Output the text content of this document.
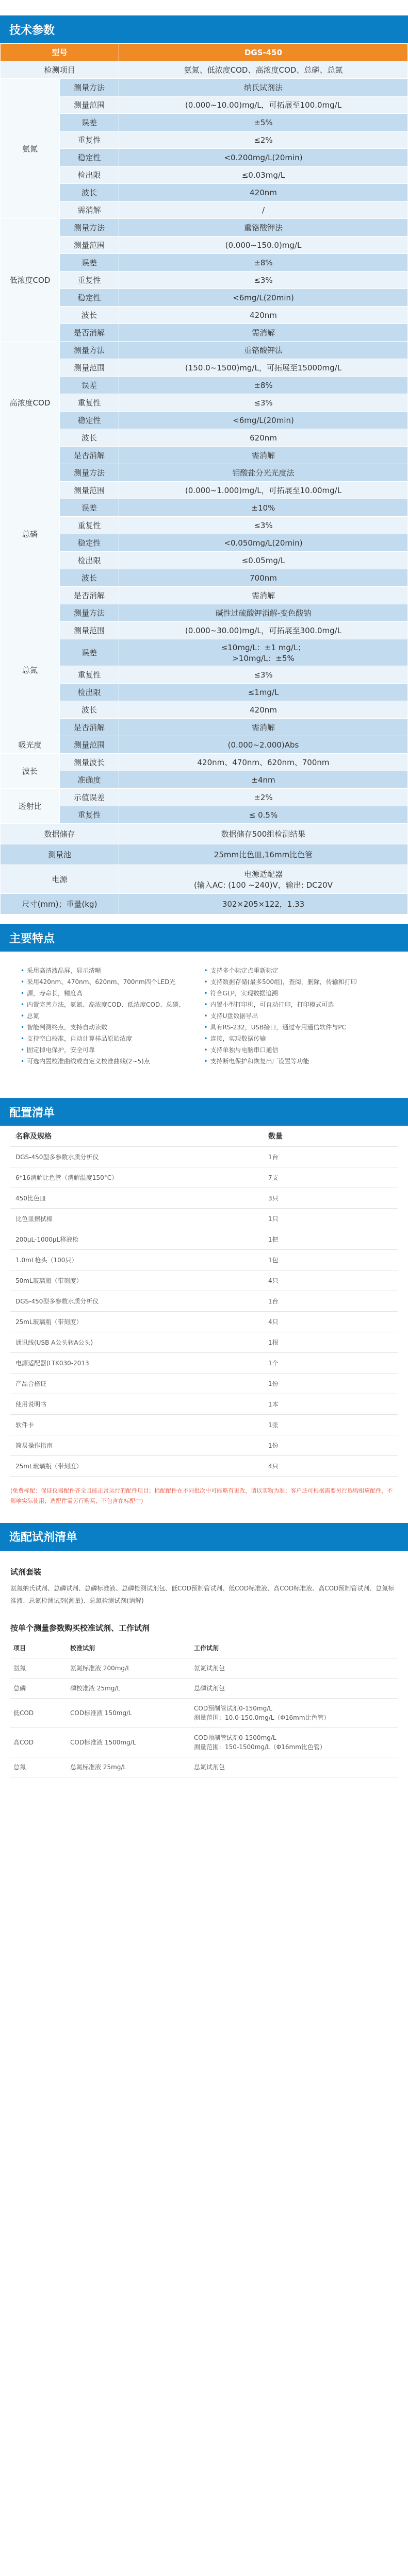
技术参数
型号		DGS-450
检测项目		氨氮、低浓度COD、高浓度COD、总磷、总氮
氨氮	测量方法	纳氏试剂法
	测量范围	(0.000~10.00)mg/L，可拓展至100.0mg/L
	误差	±5%
	重复性	≤2%
	稳定性	<0.200mg/L(20min)
	检出限	≤0.03mg/L
	波长	420nm
	需消解	/
低浓度COD	测量方法	重铬酸钾法
	测量范围	(0.000~150.0)mg/L
	误差	±8%
	重复性	≤3%
	稳定性	<6mg/L(20min)
	波长	420nm
	是否消解	需消解
高浓度COD	测量方法	重铬酸钾法
	测量范围	(150.0~1500)mg/L，可拓展至15000mg/L
	误差	±8%
	重复性	≤3%
	稳定性	<6mg/L(20min)
	波长	620nm
	是否消解	需消解
总磷	测量方法	钼酸盐分光光度法
	测量范围	(0.000~1.000)mg/L，可拓展至10.00mg/L
	误差	±10%
	重复性	≤3%
	稳定性	<0.050mg/L(20min)
	检出限	≤0.05mg/L
	波长	700nm
	是否消解	需消解
总氮	测量方法	碱性过硫酸钾消解-变色酸钠
	测量范围	(0.000~30.00)mg/L，可拓展至300.0mg/L
	误差	≤10mg/L：±1 mg/L；
>10mg/L：±5%
	重复性	≤3%
	检出限	≤1mg/L
	波长	420nm
	是否消解	需消解
吸光度	测量范围	(0.000~2.000)Abs
波长	测量波长	420nm、470nm、620nm、700nm
	准确度	±4nm
透射比	示值误差	±2%
	重复性	≤ 0.5%
数据储存		数据储存500组检测结果
测量池		25mm比色皿,16mm比色管
电源		电源适配器
(输入AC: (100 ~240)V，输出: DC20V
尺寸(mm)；重量(kg)		302×205×122，1.33
主要特点
• 采用高清液晶屏，显示清晰
• 采用420nm、470nm、620nm、700nm四个LED光
• 源，寿命长，精度高
• 内置完善方法，氨氮、高浓度COD、低浓度COD、总磷、
• 总氮
• 智能判测终点，支持自动读数
• 支持空白校准，自动计算样品原始浓度
• 固定掉电保护，安全可靠
• 可选内置校准曲线或自定义校准曲线(2~5)点
• 支持多个标定点重新标定
• 支持数据存储(最多500组)，查阅，删除，传输和打印
• 符合GLP，实现数据追溯
• 内置小型打印机，可自动打印，打印模式可选
• 支持U盘数据导出
• 具有RS-232，USB接口，通过专用通信软件与PC
• 连接，实现数据传输
• 支持单独与电脑串口通信
• 支持断电保护和恢复出厂设置等功能
配置清单
名称及规格	数量
DGS-450型多参数水质分析仪	1台
6*16消解比色管（消解温度150°C）	7支
450比色皿	3只
比色皿擦拭棉	1只
200μL-1000μL移液枪	1把
1.0mL枪头（100只）	1包
50mL玻璃瓶（带刻度）	4只
DGS-450型多参数水质分析仪	1台
25mL玻璃瓶（带刻度）	4只
通讯线(USB A公头转A公头)	1根
电源适配器(LTK030-2013	1个
产品合格证	1份
使用说明书	1本
软件卡	1张
简易操作指南	1份
25mL玻璃瓶（带刻度）	4只
(免费标配：保证仪器配件齐全且能正常运行的配件项目；标配配件在不同批次中可能略有更改，请以实物为准；客户还可根据需要另行选购相应配件，不影响实际使用；选配件需另行购买，不包含在标配中)
选配试剂清单
试剂套装
氨氮纳氏试剂、总磷试剂、总磷标准液、总磷检测试剂包、低COD预制管试剂、低COD标准液、高COD标准液、高COD预制管试剂、总氮标准液、总氮检测试剂(测量)、总氮检测试剂(消解)
按单个测量参数购买校准试剂、工作试剂
项目	校准试剂	工作试剂
氨氮	氨氮标准液 200mg/L	氨氮试剂包
总磷	磷校准液 25mg/L	总磷试剂包
低COD	COD标准液 150mg/L	COD预制管试剂0-150mg/L
测量范围：10.0-150.0mg/L（Φ16mm比色管）
高COD	COD标准液 1500mg/L	COD预制管试剂0-1500mg/L
测量范围：150-1500mg/L（Φ16mm比色管）
总氮	总氮标准液 25mg/L	总氮试剂包
